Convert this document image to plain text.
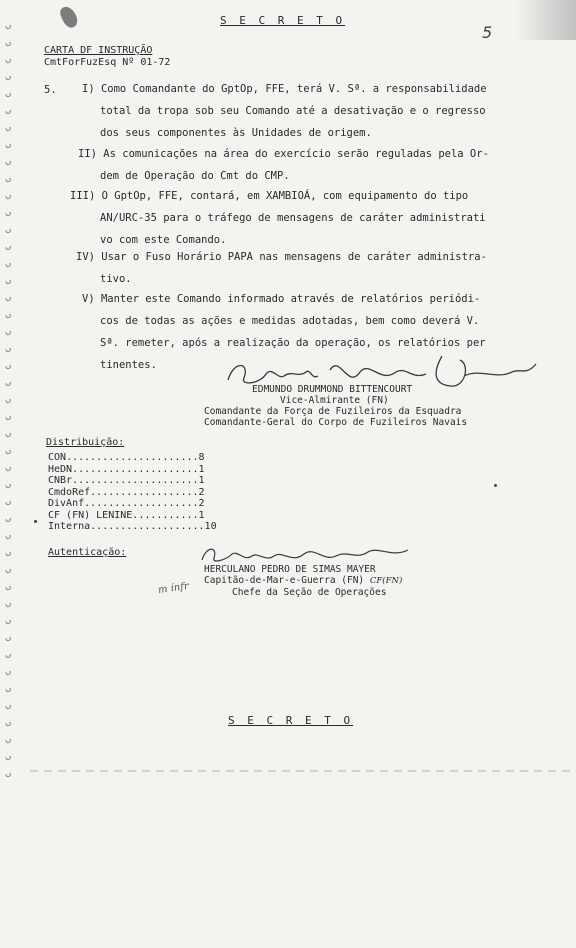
ᴗ
ᴗ
ᴗ
ᴗ
ᴗ
ᴗ
ᴗ
ᴗ
ᴗ
ᴗ
ᴗ
ᴗ
ᴗ
ᴗ
ᴗ
ᴗ
ᴗ
ᴗ
ᴗ
ᴗ
ᴗ
ᴗ
ᴗ
ᴗ
ᴗ
ᴗ
ᴗ
ᴗ
ᴗ
ᴗ
ᴗ
ᴗ
ᴗ
ᴗ
ᴗ
ᴗ
ᴗ
ᴗ
ᴗ
ᴗ
ᴗ
ᴗ
ᴗ
ᴗ
ᴗ
S E C R E T O
5
CARTA DF INSTRUÇÃO
CmtForFuzEsq Nº 01-72
5. I) Como Comandante do GptOp, FFE, terá V. Sª. a responsabilidade
total da tropa sob seu Comando até a desativação e o regresso
dos seus componentes às Unidades de origem.
II) As comunicações na área do exercício serão reguladas pela Or-
dem de Operação do Cmt do CMP.
III) O GptOp, FFE, contará, em XAMBIOÁ, com equipamento do tipo
AN/URC-35 para o tráfego de mensagens de caráter administrati
vo com este Comando.
IV) Usar o Fuso Horário PAPA nas mensagens de caráter administra-
tivo.
V) Manter este Comando informado através de relatórios periódi-
cos de todas as ações e medidas adotadas, bem como deverá V.
Sª. remeter, após a realização da operação, os relatórios per
tinentes.
EDMUNDO DRUMMOND BITTENCOURT
Vice-Almirante (FN)
Comandante da Força de Fuzileiros da Esquadra
Comandante-Geral do Corpo de Fuzileiros Navais
Distribuição:
CON......................8
HeDN.....................1
CNBr.....................1
CmdoRef..................2
DivAnf...................2
CF (FN) LENINE...........1
Interna...................10
Autenticação:
HERCULANO PEDRO DE SIMAS MAYER
Capitão-de-Mar-e-Guerra (FN) CF(FN)
Chefe da Seção de Operações
m ínfr
S E C R E T O
